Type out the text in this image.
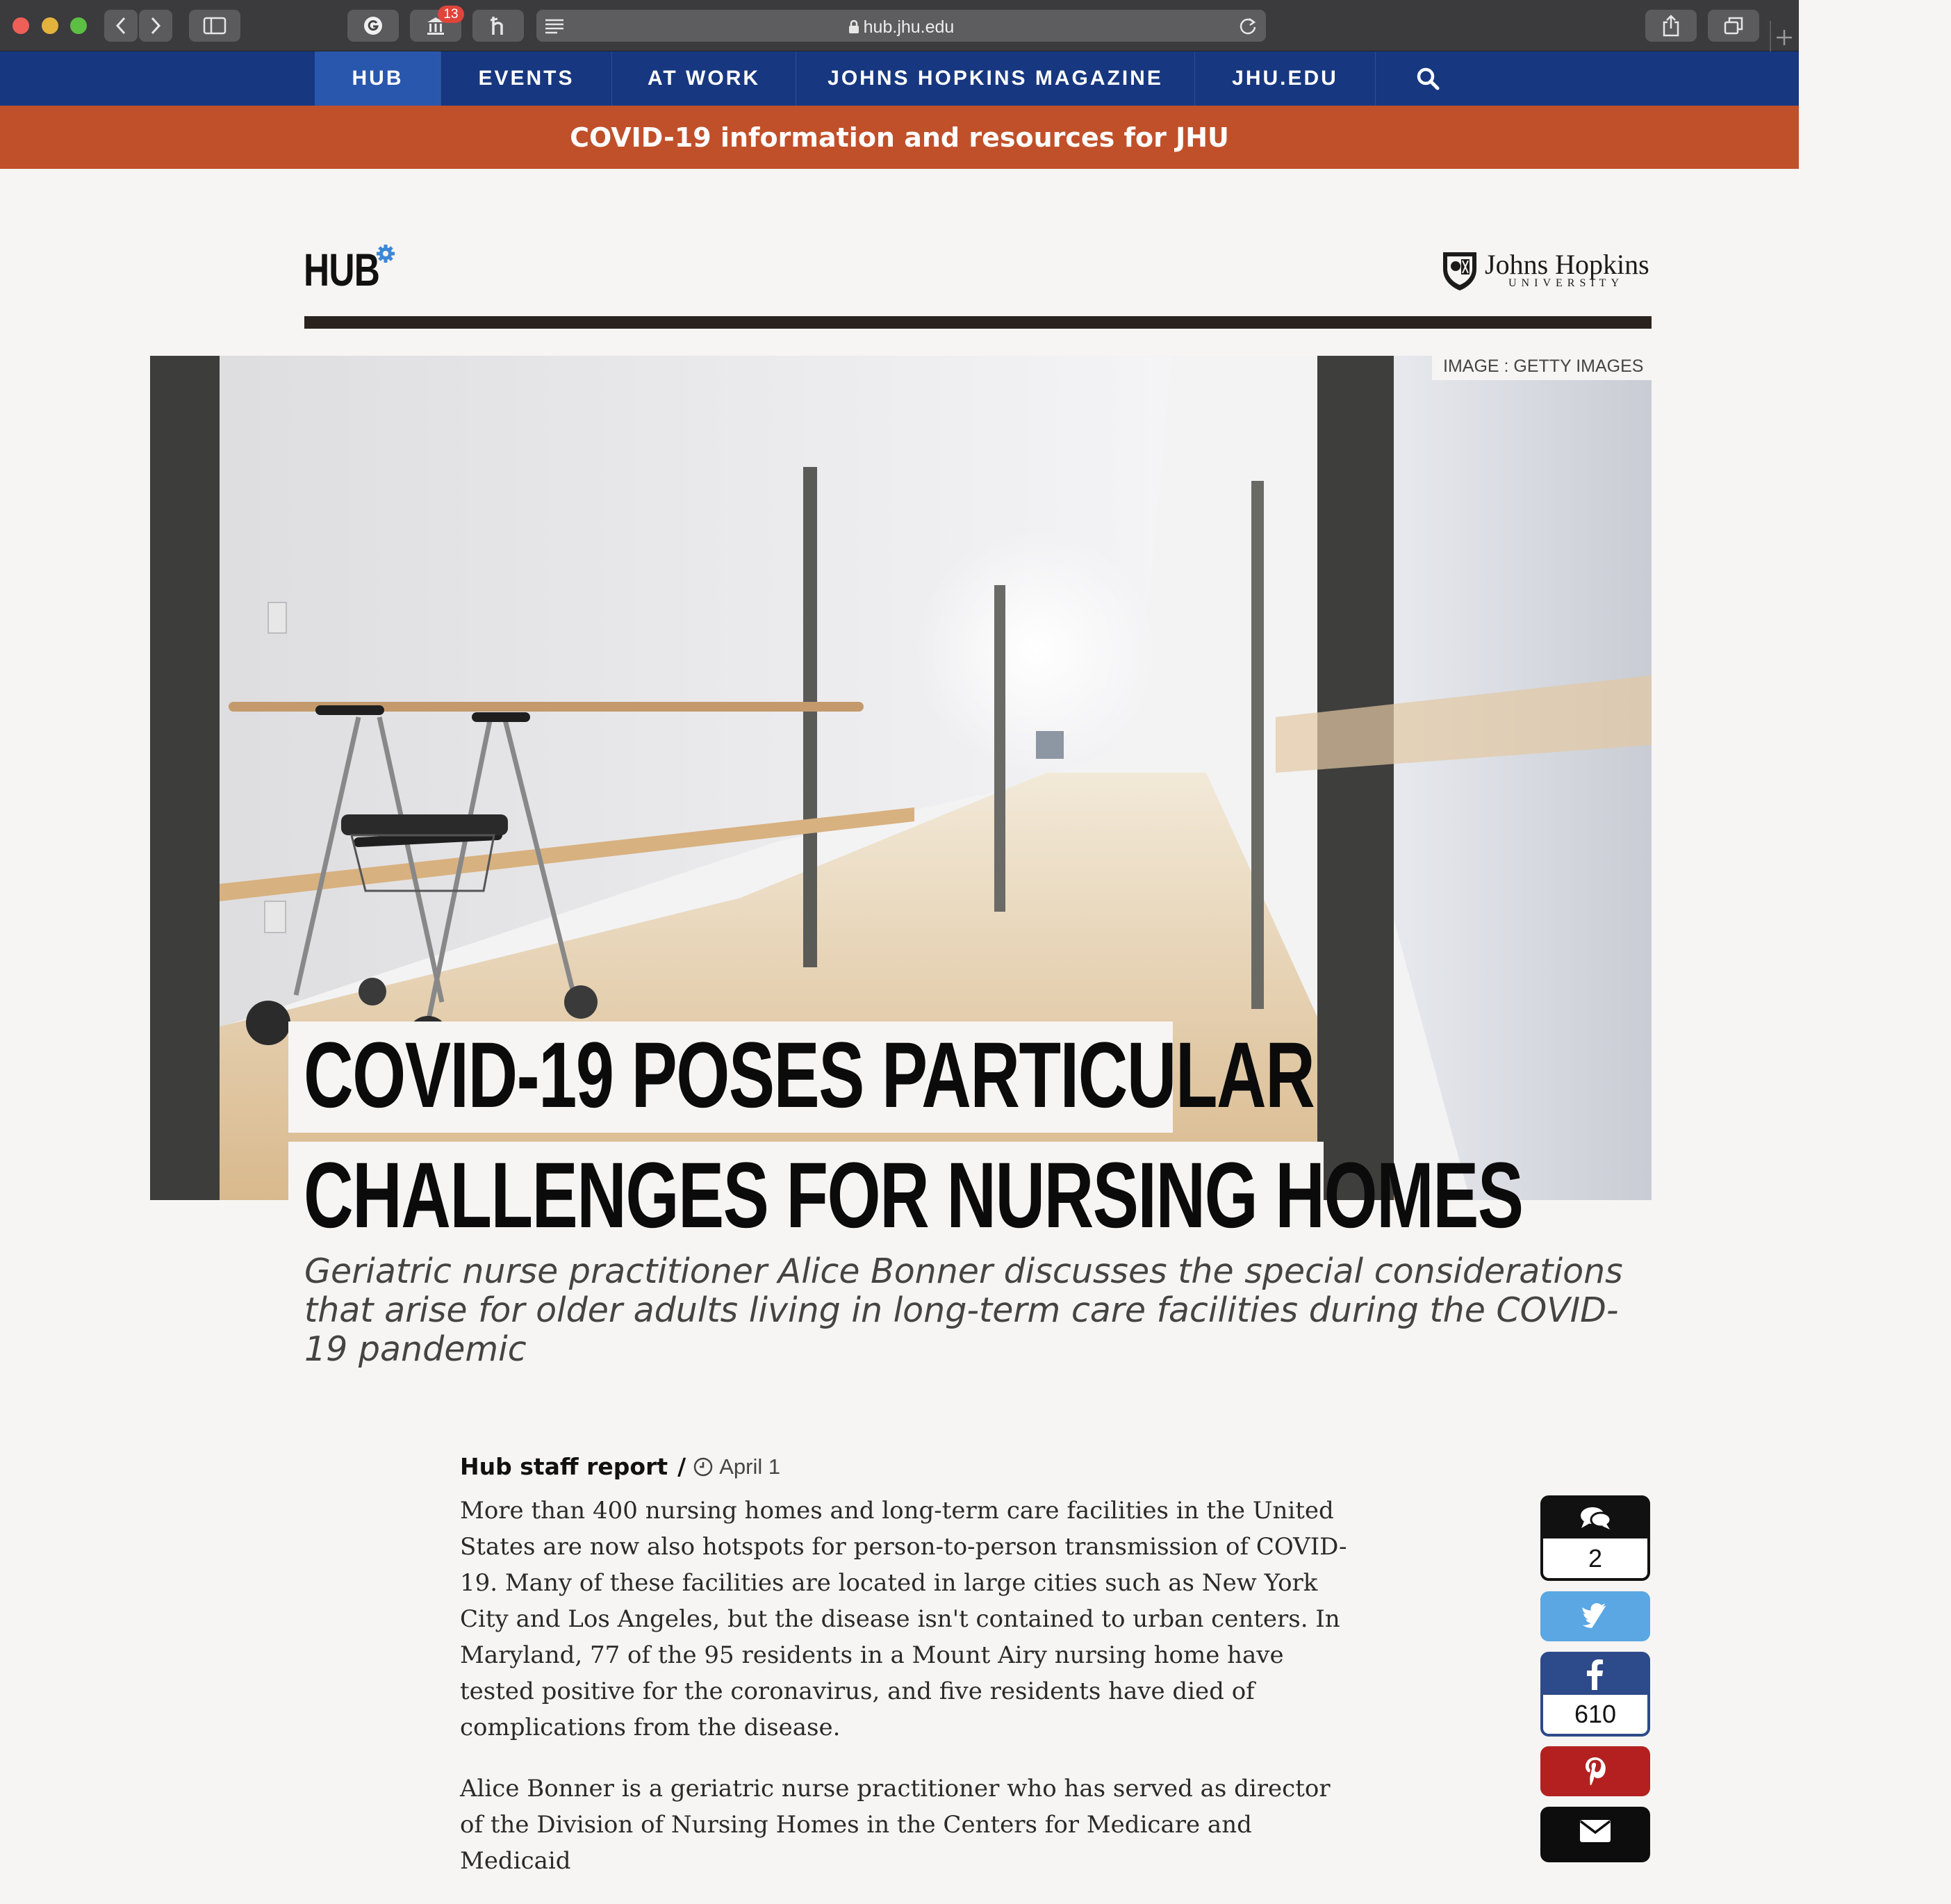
13
hub.jhu.edu
HUB	EVENTS	AT WORK	JOHNS HOPKINS MAGAZINE	JHU.EDU
COVID-19 information and resources for JHU
HUB	Johns Hopkins
UNIVERSITY
IMAGE : GETTY IMAGES
COVID-19 POSES PARTICULAR
CHALLENGES FOR NURSING HOMES
Geriatric nurse practitioner Alice Bonner discusses the special considerations that arise for older adults living in long-term care facilities during the COVID-19 pandemic
Hub staff report / April 1

More than 400 nursing homes and long-term care facilities in the United States are now also hotspots for person-to-person transmission of COVID-19. Many of these facilities are located in large cities such as New York City and Los Angeles, but the disease isn't contained to urban centers. In Maryland, 77 of the 95 residents in a Mount Airy nursing home have tested positive for the coronavirus, and five residents have died of complications from the disease.

Alice Bonner is a geriatric nurse practitioner who has served as director of the Division of Nursing Homes in the Centers for Medicare and Medicaid

2
610
